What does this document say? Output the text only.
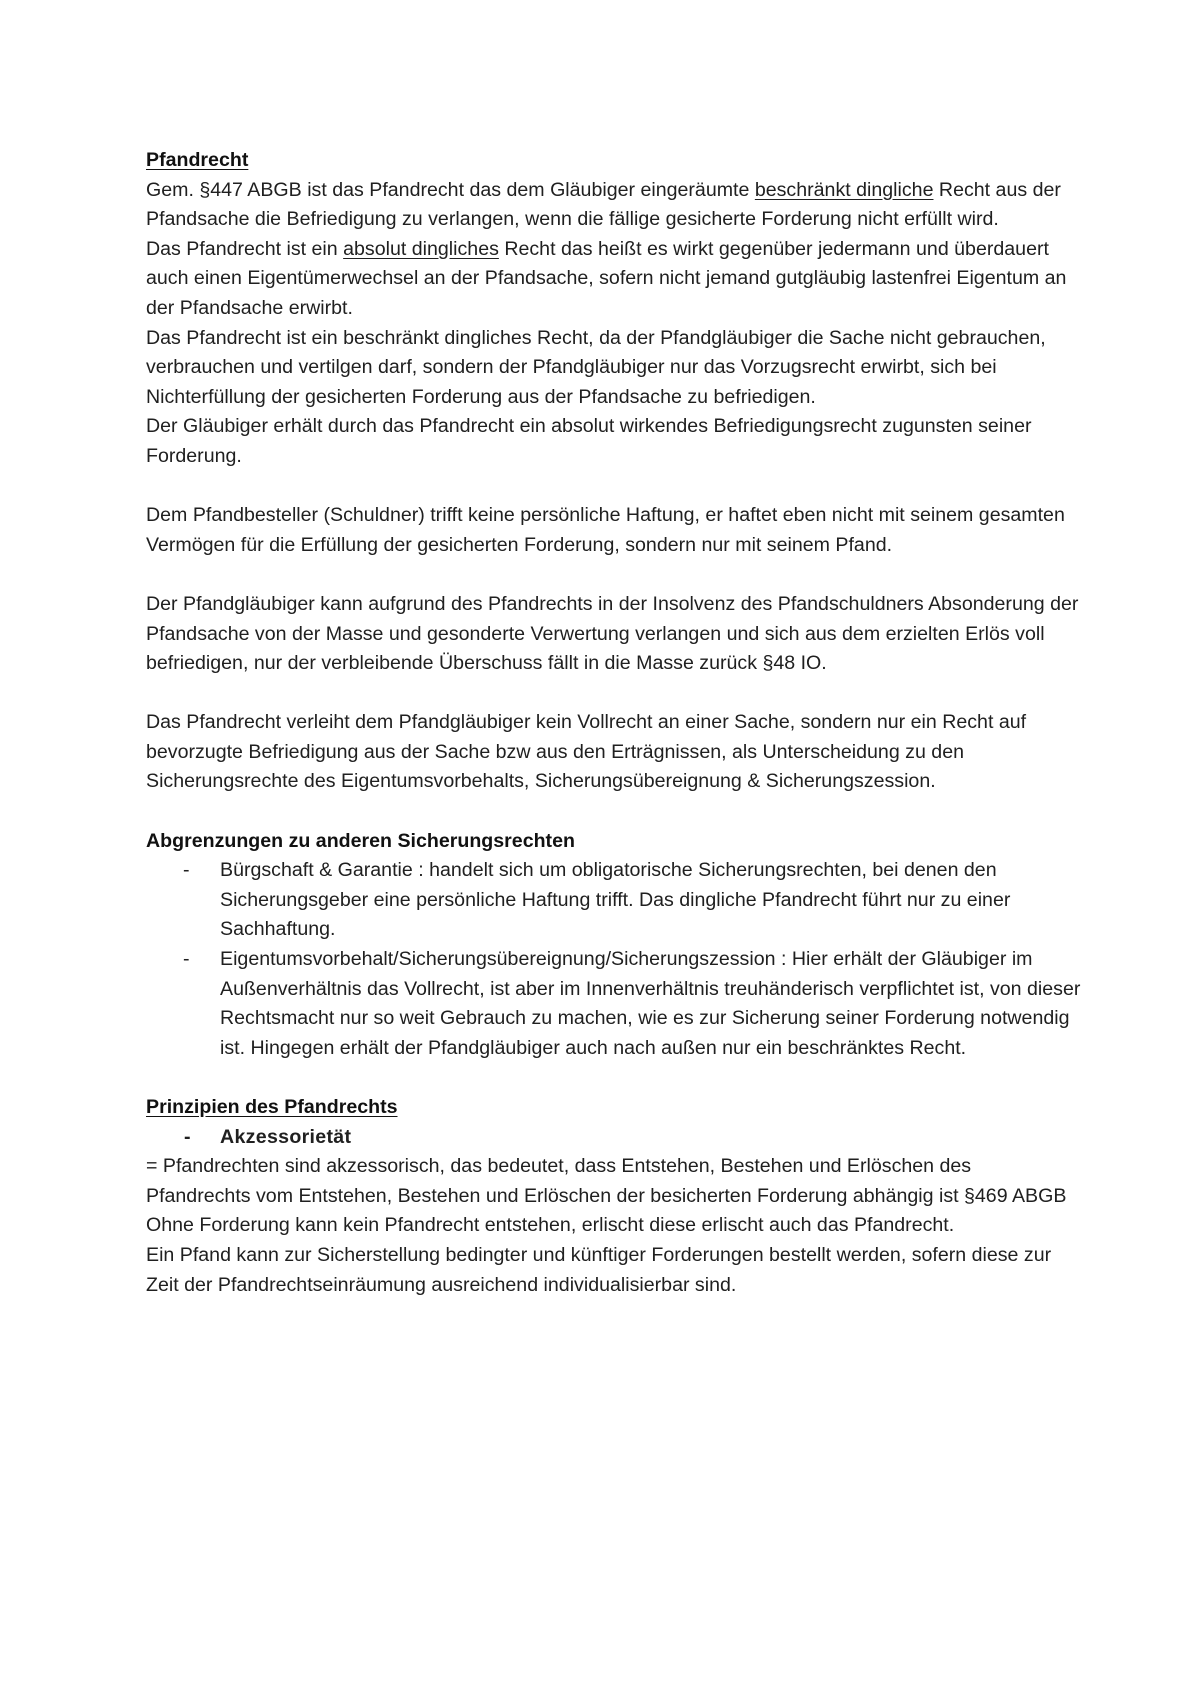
Pfandrecht

Gem. §447 ABGB ist das Pfandrecht das dem Gläubiger eingeräumte beschränkt dingliche Recht aus der Pfandsache die Befriedigung zu verlangen, wenn die fällige gesicherte Forderung nicht erfüllt wird.

Das Pfandrecht ist ein absolut dingliches Recht das heißt es wirkt gegenüber jedermann und überdauert auch einen Eigentümerwechsel an der Pfandsache, sofern nicht jemand gutgläubig lastenfrei Eigentum an der Pfandsache erwirbt.

Das Pfandrecht ist ein beschränkt dingliches Recht, da der Pfandgläubiger die Sache nicht gebrauchen, verbrauchen und vertilgen darf, sondern der Pfandgläubiger nur das Vorzugsrecht erwirbt, sich bei Nichterfüllung der gesicherten Forderung aus der Pfandsache zu befriedigen.

Der Gläubiger erhält durch das Pfandrecht ein absolut wirkendes Befriedigungsrecht zugunsten seiner Forderung.

Dem Pfandbesteller (Schuldner) trifft keine persönliche Haftung, er haftet eben nicht mit seinem gesamten Vermögen für die Erfüllung der gesicherten Forderung, sondern nur mit seinem Pfand.

Der Pfandgläubiger kann aufgrund des Pfandrechts in der Insolvenz des Pfandschuldners Absonderung der Pfandsache von der Masse und gesonderte Verwertung verlangen und sich aus dem erzielten Erlös voll befriedigen, nur der verbleibende Überschuss fällt in die Masse zurück §48 IO.

Das Pfandrecht verleiht dem Pfandgläubiger kein Vollrecht an einer Sache, sondern nur ein Recht auf bevorzugte Befriedigung aus der Sache bzw aus den Erträgnissen, als Unterscheidung zu den Sicherungsrechte des Eigentumsvorbehalts, Sicherungsübereignung & Sicherungszession.

Abgrenzungen zu anderen Sicherungsrechten

-	Bürgschaft & Garantie : handelt sich um obligatorische Sicherungsrechten, bei denen den Sicherungsgeber eine persönliche Haftung trifft. Das dingliche Pfandrecht führt nur zu einer Sachhaftung.
-	Eigentumsvorbehalt/Sicherungsübereignung/Sicherungszession : Hier erhält der Gläubiger im Außenverhältnis das Vollrecht, ist aber im Innenverhältnis treuhänderisch verpflichtet ist, von dieser Rechtsmacht nur so weit Gebrauch zu machen, wie es zur Sicherung seiner Forderung notwendig ist. Hingegen erhält der Pfandgläubiger auch nach außen nur ein beschränktes Recht.

Prinzipien des Pfandrechts

-	Akzessorietät

= Pfandrechten sind akzessorisch, das bedeutet, dass Entstehen, Bestehen und Erlöschen des Pfandrechts vom Entstehen, Bestehen und Erlöschen der besicherten Forderung abhängig ist §469 ABGB

Ohne Forderung kann kein Pfandrecht entstehen, erlischt diese erlischt auch das Pfandrecht.

Ein Pfand kann zur Sicherstellung bedingter und künftiger Forderungen bestellt werden, sofern diese zur Zeit der Pfandrechtseinräumung ausreichend individualisierbar sind.
